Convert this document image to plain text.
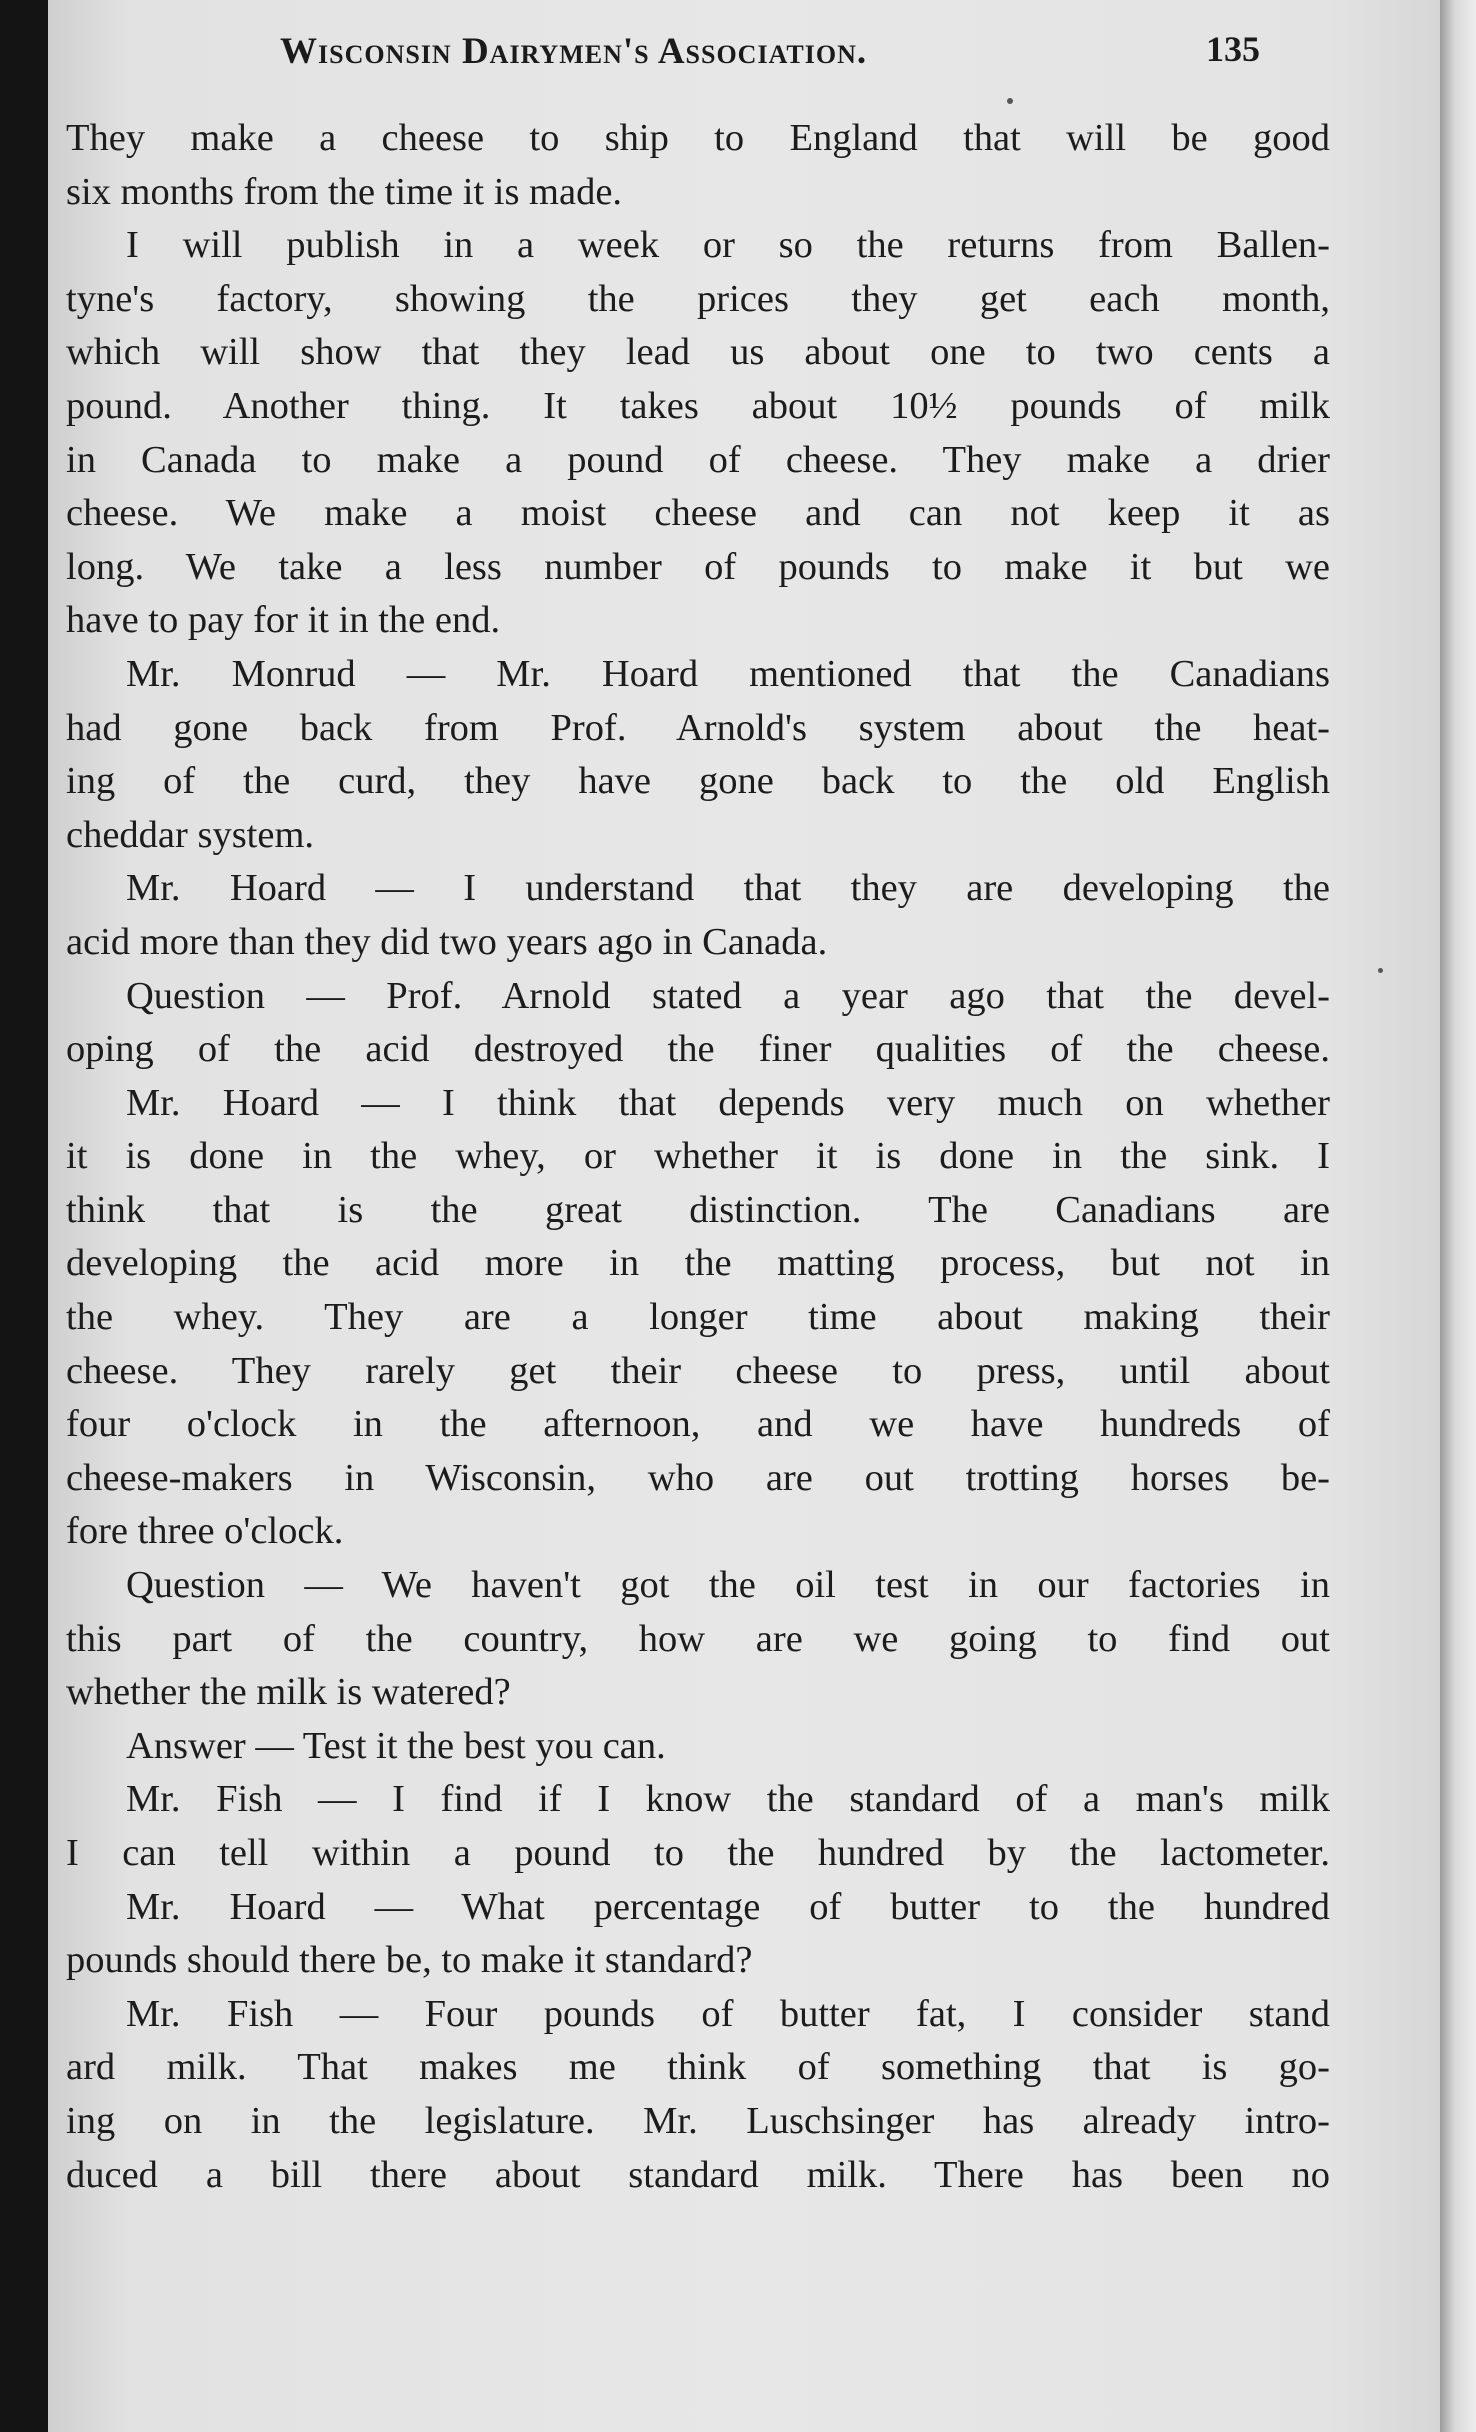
Wisconsin Dairymen's Association.	135
They make a cheese to ship to England that will be good
six months from the time it is made.
I will publish in a week or so the returns from Ballen-
tyne's factory, showing the prices they get each month,
which will show that they lead us about one to two cents a
pound. Another thing. It takes about 10½ pounds of milk
in Canada to make a pound of cheese. They make a drier
cheese. We make a moist cheese and can not keep it as
long. We take a less number of pounds to make it but we
have to pay for it in the end.
Mr. Monrud — Mr. Hoard mentioned that the Canadians
had gone back from Prof. Arnold's system about the heat-
ing of the curd, they have gone back to the old English
cheddar system.
Mr. Hoard — I understand that they are developing the
acid more than they did two years ago in Canada.
Question — Prof. Arnold stated a year ago that the devel-
oping of the acid destroyed the finer qualities of the cheese.
Mr. Hoard — I think that depends very much on whether
it is done in the whey, or whether it is done in the sink. I
think that is the great distinction. The Canadians are
developing the acid more in the matting process, but not in
the whey. They are a longer time about making their
cheese. They rarely get their cheese to press, until about
four o'clock in the afternoon, and we have hundreds of
cheese-makers in Wisconsin, who are out trotting horses be-
fore three o'clock.
Question — We haven't got the oil test in our factories in
this part of the country, how are we going to find out
whether the milk is watered?
Answer — Test it the best you can.
Mr. Fish — I find if I know the standard of a man's milk
I can tell within a pound to the hundred by the lactometer.
Mr. Hoard — What percentage of butter to the hundred
pounds should there be, to make it standard?
Mr. Fish — Four pounds of butter fat, I consider stand
ard milk. That makes me think of something that is go-
ing on in the legislature. Mr. Luschsinger has already intro-
duced a bill there about standard milk. There has been no
